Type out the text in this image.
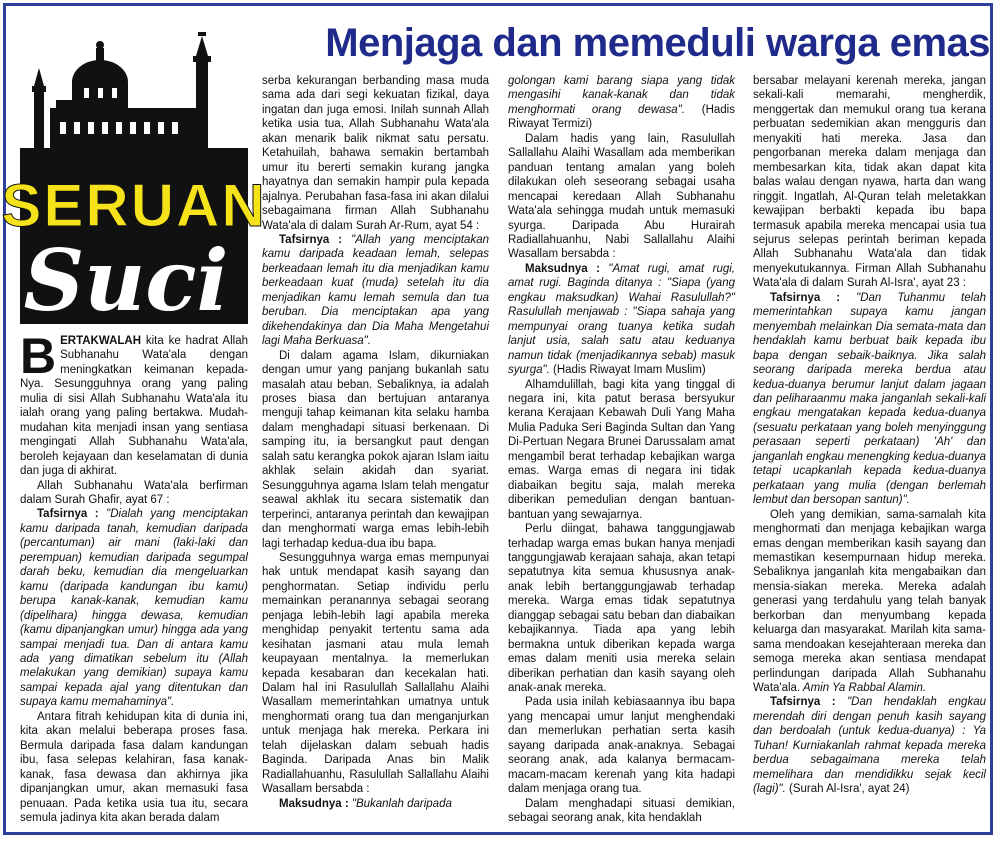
Menjaga dan memeduli warga emas
SERUAN
Suci

BERTAKWALAH kita ke hadrat Allah Subhanahu Wata'ala dengan meningkatkan keimanan kepada-Nya. Sesungguhnya orang yang paling mulia di sisi Allah Subhanahu Wata'ala itu ialah orang yang paling bertakwa. Mudah-mudahan kita menjadi insan yang sentiasa mengingati Allah Subhanahu Wata'ala, beroleh kejayaan dan keselamatan di dunia dan juga di akhirat.

Allah Subhanahu Wata'ala berfirman dalam Surah Ghafir, ayat 67 :

Tafsirnya : "Dialah yang menciptakan kamu daripada tanah, kemudian daripada (percantuman) air mani (laki-laki dan perempuan) kemudian daripada segumpal darah beku, kemudian dia mengeluarkan kamu (daripada kandungan ibu kamu) berupa kanak-kanak, kemudian kamu (dipelihara) hingga dewasa, kemudian (kamu dipanjangkan umur) hingga ada yang sampai menjadi tua. Dan di antara kamu ada yang dimatikan sebelum itu (Allah melakukan yang demikian) supaya kamu sampai kepada ajal yang ditentukan dan supaya kamu memahaminya".

Antara fitrah kehidupan kita di dunia ini, kita akan melalui beberapa proses fasa. Bermula daripada fasa dalam kandungan ibu, fasa selepas kelahiran, fasa kanak-kanak, fasa dewasa dan akhirnya jika dipanjangkan umur, akan memasuki fasa penuaan. Pada ketika usia tua itu, secara semula jadinya kita akan berada dalam

serba kekurangan berbanding masa muda sama ada dari segi kekuatan fizikal, daya ingatan dan juga emosi. Inilah sunnah Allah ketika usia tua, Allah Subhanahu Wata'ala akan menarik balik nikmat satu persatu. Ketahuilah, bahawa semakin bertambah umur itu bererti semakin kurang jangka hayatnya dan semakin hampir pula kepada ajalnya. Perubahan fasa-fasa ini akan dilalui sebagaimana firman Allah Subhanahu Wata'ala di dalam Surah Ar-Rum, ayat 54 :

Tafsirnya : "Allah yang menciptakan kamu daripada keadaan lemah, selepas berkeadaan lemah itu dia menjadikan kamu berkeadaan kuat (muda) setelah itu dia menjadikan kamu lemah semula dan tua beruban. Dia menciptakan apa yang dikehendakinya dan Dia Maha Mengetahui lagi Maha Berkuasa".

Di dalam agama Islam, dikurniakan dengan umur yang panjang bukanlah satu masalah atau beban. Sebaliknya, ia adalah proses biasa dan bertujuan antaranya menguji tahap keimanan kita selaku hamba dalam menghadapi situasi berkenaan. Di samping itu, ia bersangkut paut dengan salah satu kerangka pokok ajaran Islam iaitu akhlak selain akidah dan syariat. Sesungguhnya agama Islam telah mengatur seawal akhlak itu secara sistematik dan terperinci, antaranya perintah dan kewajipan dan menghormati warga emas lebih-lebih lagi terhadap kedua-dua ibu bapa.

Sesungguhnya warga emas mempunyai hak untuk mendapat kasih sayang dan penghormatan. Setiap individu perlu memainkan peranannya sebagai seorang penjaga lebih-lebih lagi apabila mereka menghidap penyakit tertentu sama ada kesihatan jasmani atau mula lemah keupayaan mentalnya. Ia memerlukan kepada kesabaran dan kecekalan hati. Dalam hal ini Rasulullah Sallallahu Alaihi Wasallam memerintahkan umatnya untuk menghormati orang tua dan menganjurkan untuk menjaga hak mereka. Perkara ini telah dijelaskan dalam sebuah hadis Baginda. Daripada Anas bin Malik Radiallahuanhu, Rasulullah Sallallahu Alaihi Wasallam bersabda :

Maksudnya : "Bukanlah daripada

golongan kami barang siapa yang tidak mengasihi kanak-kanak dan tidak menghormati orang dewasa". (Hadis Riwayat Termizi)

Dalam hadis yang lain, Rasulullah Sallallahu Alaihi Wasallam ada memberikan panduan tentang amalan yang boleh dilakukan oleh seseorang sebagai usaha mencapai keredaan Allah Subhanahu Wata'ala sehingga mudah untuk memasuki syurga. Daripada Abu Hurairah Radiallahuanhu, Nabi Sallallahu Alaihi Wasallam bersabda :

Maksudnya : "Amat rugi, amat rugi, amat rugi. Baginda ditanya : "Siapa (yang engkau maksudkan) Wahai Rasulullah?" Rasulullah menjawab : "Siapa sahaja yang mempunyai orang tuanya ketika sudah lanjut usia, salah satu atau keduanya namun tidak (menjadikannya sebab) masuk syurga". (Hadis Riwayat Imam Muslim)

Alhamdulillah, bagi kita yang tinggal di negara ini, kita patut berasa bersyukur kerana Kerajaan Kebawah Duli Yang Maha Mulia Paduka Seri Baginda Sultan dan Yang Di-Pertuan Negara Brunei Darussalam amat mengambil berat terhadap kebajikan warga emas. Warga emas di negara ini tidak diabaikan begitu saja, malah mereka diberikan pemedulian dengan bantuan-bantuan yang sewajarnya.

Perlu diingat, bahawa tanggungjawab terhadap warga emas bukan hanya menjadi tanggungjawab kerajaan sahaja, akan tetapi sepatutnya kita semua khususnya anak-anak lebih bertanggungjawab terhadap mereka. Warga emas tidak sepatutnya dianggap sebagai satu beban dan diabaikan kebajikannya. Tiada apa yang lebih bermakna untuk diberikan kepada warga emas dalam meniti usia mereka selain diberikan perhatian dan kasih sayang oleh anak-anak mereka.

Pada usia inilah kebiasaannya ibu bapa yang mencapai umur lanjut menghendaki dan memerlukan perhatian serta kasih sayang daripada anak-anaknya. Sebagai seorang anak, ada kalanya bermacam-macam-macam kerenah yang kita hadapi dalam menjaga orang tua.

Dalam menghadapi situasi demikian, sebagai seorang anak, kita hendaklah

bersabar melayani kerenah mereka, jangan sekali-kali memarahi, mengherdik, menggertak dan memukul orang tua kerana perbuatan sedemikian akan mengguris dan menyakiti hati mereka. Jasa dan pengorbanan mereka dalam menjaga dan membesarkan kita, tidak akan dapat kita balas walau dengan nyawa, harta dan wang ringgit. Ingatlah, Al-Quran telah meletakkan kewajipan berbakti kepada ibu bapa termasuk apabila mereka mencapai usia tua sejurus selepas perintah beriman kepada Allah Subhanahu Wata'ala dan tidak menyekutukannya. Firman Allah Subhanahu Wata'ala di dalam Surah Al-Isra', ayat 23 :

Tafsirnya : "Dan Tuhanmu telah memerintahkan supaya kamu jangan menyembah melainkan Dia semata-mata dan hendaklah kamu berbuat baik kepada ibu bapa dengan sebaik-baiknya. Jika salah seorang daripada mereka berdua atau kedua-duanya berumur lanjut dalam jagaan dan peliharaanmu maka janganlah sekali-kali engkau mengatakan kepada kedua-duanya (sesuatu perkataan yang boleh menyinggung perasaan seperti perkataan) 'Ah' dan janganlah engkau menengking kedua-duanya tetapi ucapkanlah kepada kedua-duanya perkataan yang mulia (dengan berlemah lembut dan bersopan santun)".

Oleh yang demikian, sama-samalah kita menghormati dan menjaga kebajikan warga emas dengan memberikan kasih sayang dan memastikan kesempurnaan hidup mereka. Sebaliknya janganlah kita mengabaikan dan mensia-siakan mereka. Mereka adalah generasi yang terdahulu yang telah banyak berkorban dan menyumbang kepada keluarga dan masyarakat. Marilah kita sama-sama mendoakan kesejahteraan mereka dan semoga mereka akan sentiasa mendapat perlindungan daripada Allah Subhanahu Wata'ala. Amin Ya Rabbal Alamin.

Tafsirnya : "Dan hendaklah engkau merendah diri dengan penuh kasih sayang dan berdoalah (untuk kedua-duanya) : Ya Tuhan! Kurniakanlah rahmat kepada mereka berdua sebagaimana mereka telah memelihara dan mendidikku sejak kecil (lagi)". (Surah Al-Isra', ayat 24)
